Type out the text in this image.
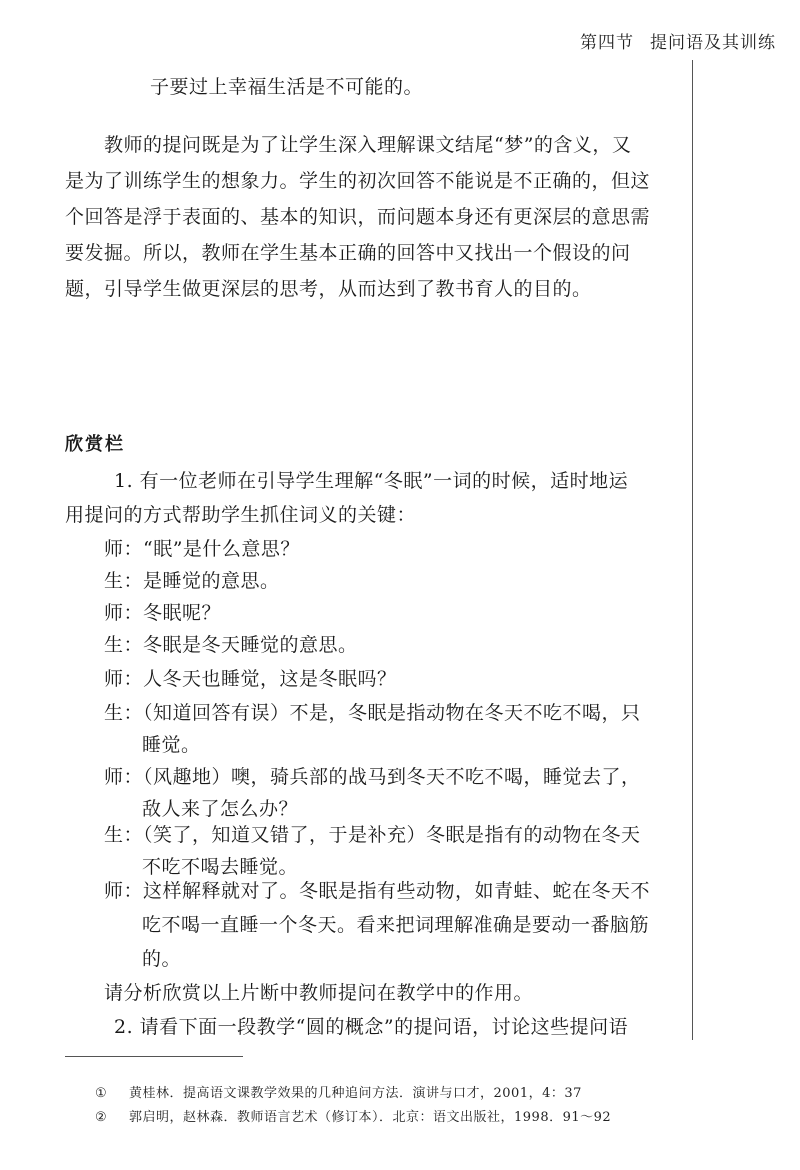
第四节 提问语及其训练
子要过上幸福生活是不可能的。
教师的提问既是为了让学生深入理解课文结尾“梦”的含义，又
是为了训练学生的想象力。学生的初次回答不能说是不正确的，但这
个回答是浮于表面的、基本的知识，而问题本身还有更深层的意思需
要发掘。所以，教师在学生基本正确的回答中又找出一个假设的问
题，引导学生做更深层的思考，从而达到了教书育人的目的。
欣赏栏
1. 有一位老师在引导学生理解“冬眠”一词的时候，适时地运
用提问的方式帮助学生抓住词义的关键：
师：“眠”是什么意思？
生：是睡觉的意思。
师：冬眠呢？
生：冬眠是冬天睡觉的意思。
师：人冬天也睡觉，这是冬眠吗？
生：（知道回答有误）不是，冬眠是指动物在冬天不吃不喝，只
睡觉。
师：（风趣地）噢，骑兵部的战马到冬天不吃不喝，睡觉去了，
敌人来了怎么办？
生：（笑了，知道又错了，于是补充）冬眠是指有的动物在冬天
不吃不喝去睡觉。
师：这样解释就对了。冬眠是指有些动物，如青蛙、蛇在冬天不
吃不喝一直睡一个冬天。看来把词理解准确是要动一番脑筋
的。
请分析欣赏以上片断中教师提问在教学中的作用。
2. 请看下面一段教学“圆的概念”的提问语，讨论这些提问语
① 黄桂林．提高语文课教学效果的几种追问方法．演讲与口才，2001，4：37
② 郭启明，赵林森．教师语言艺术（修订本）．北京：语文出版社，1998．91～92
